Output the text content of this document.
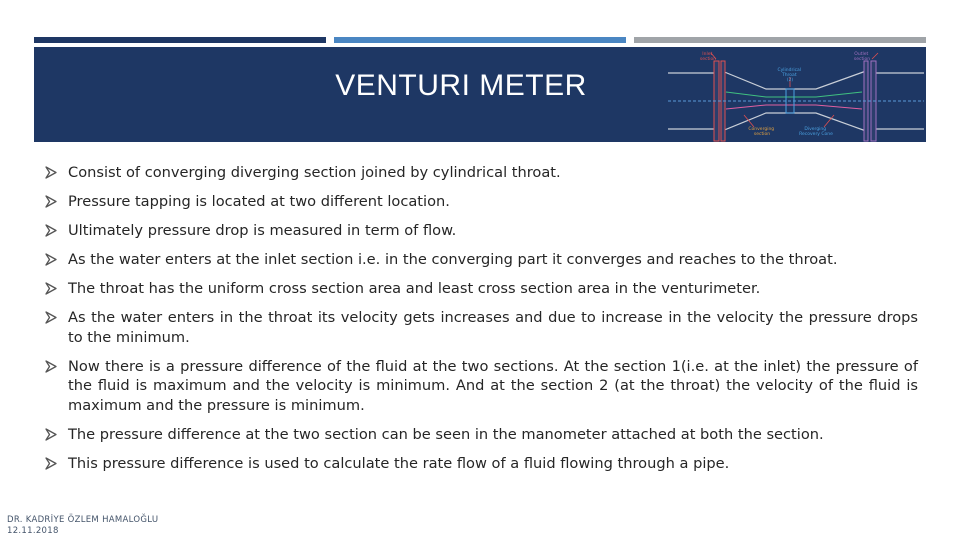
VENTURI METER
Inlet section
Cylindrical Throat (2)
Outlet section
Converging section
Diverging Recovery Cone
Consist of converging diverging section joined by cylindrical throat.
Pressure tapping is located at two different location.
Ultimately pressure drop is measured in term of flow.
As the water enters at the inlet section i.e. in the converging part it converges and reaches to the throat.
The throat has the uniform cross section area and least cross section area in the venturimeter.
As the water enters in the throat its velocity gets increases and due to increase in the velocity the pressure drops to the minimum.
Now there is a pressure difference of the fluid at the two sections. At the section 1(i.e. at the inlet) the pressure of the fluid is maximum and the velocity is minimum. And at the section 2 (at the throat) the velocity of the fluid is maximum and the pressure is minimum.
The pressure difference at the two section can be seen in the manometer attached at both the section.
This pressure difference is used to calculate the rate flow of a fluid flowing through a pipe.
DR. KADRİYE ÖZLEM HAMALOĞLU
12.11.2018
